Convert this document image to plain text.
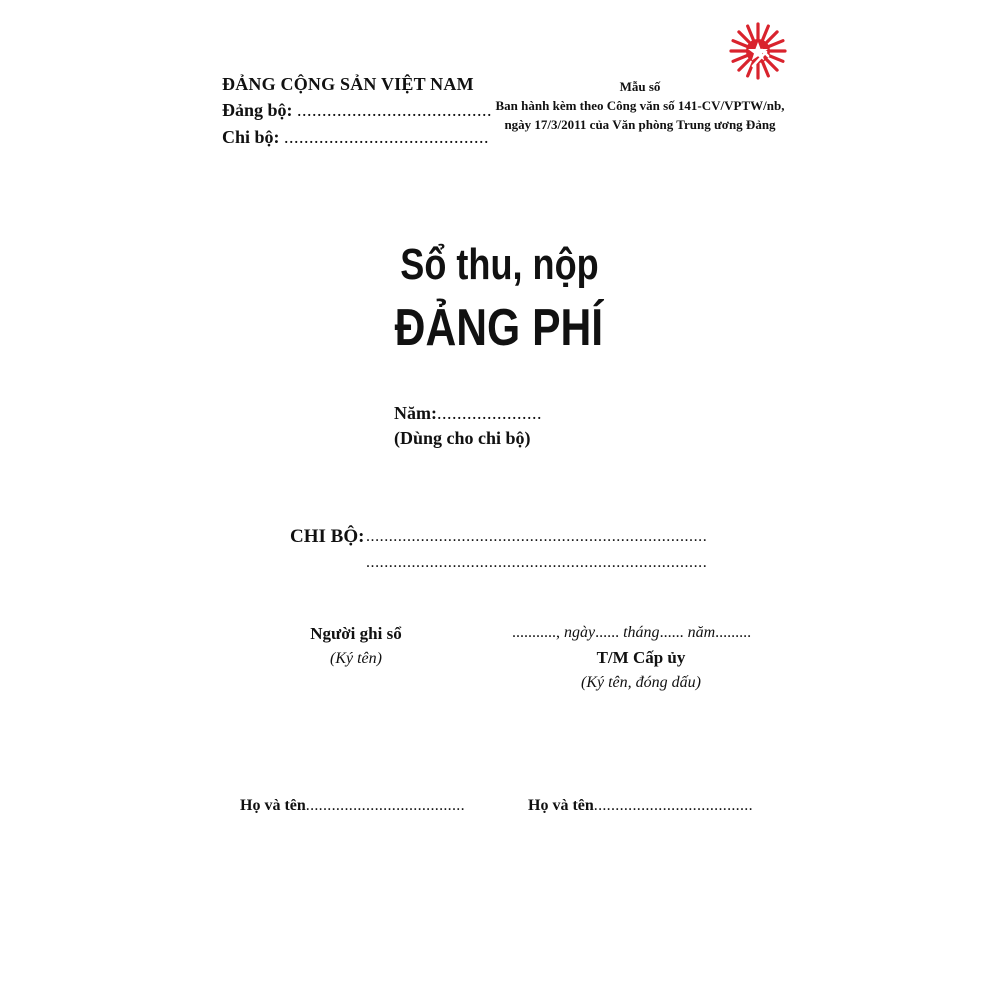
ĐẢNG CỘNG SẢN VIỆT NAM
Đảng bộ: .......................................
Chi bộ: .........................................
Mẫu số
Ban hành kèm theo Công văn số 141-CV/VPTW/nb,
ngày 17/3/2011 của Văn phòng Trung ương Đảng
Sổ thu, nộp
ĐẢNG PHÍ
Năm:.....................
(Dùng cho chi bộ)
CHI BỘ: ...........................................................................
...........................................................................
Người ghi sổ
(Ký tên)
..........., ngày...... tháng...... năm.........
T/M Cấp ủy
(Ký tên, đóng dấu)
Họ và tên.....................................	Họ và tên.....................................
